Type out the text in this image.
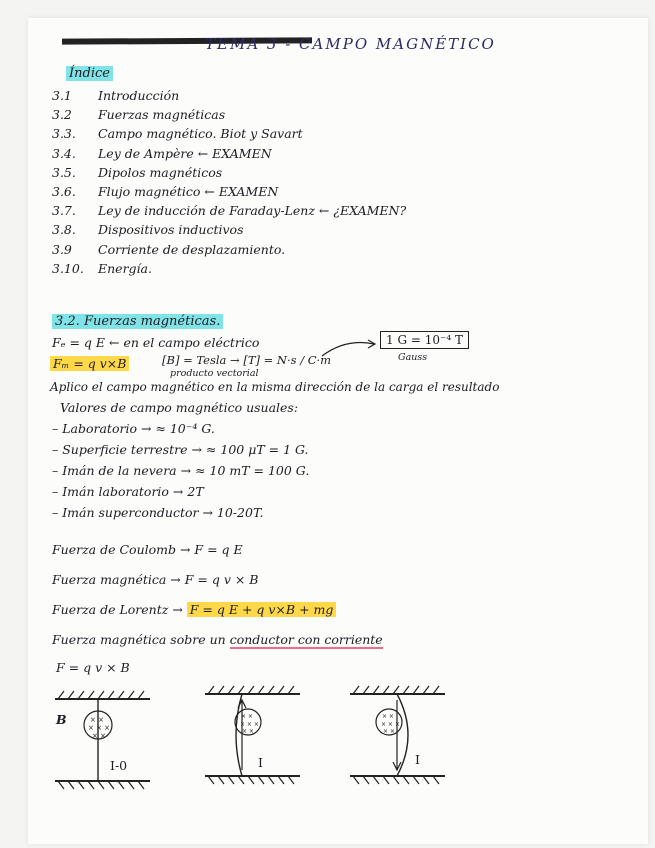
TEMA 3 - CAMPO MAGNÉTICO
Índice
3.1 Introducción
3.2 Fuerzas magnéticas
3.3. Campo magnético. Biot y Savart
3.4. Ley de Ampère ← EXAMEN
3.5. Dipolos magnéticos
3.6. Flujo magnético ← EXAMEN
3.7. Ley de inducción de Faraday-Lenz ← ¿EXAMEN?
3.8. Dispositivos inductivos
3.9 Corriente de desplazamiento.
3.10. Energía.
3.2. Fuerzas magnéticas.
Fₑ = q E ← en el campo eléctrico	1 G = 10⁻⁴ T
Gauss
Fₘ = q v×B	[B] = Tesla → [T] = N·s / C·m
producto vectorial
Aplico el campo magnético en la misma dirección de la carga el resultado
Valores de campo magnético usuales:
– Laboratorio → ≈ 10⁻⁴ G.
– Superficie terrestre → ≈ 100 μT = 1 G.
– Imán de la nevera → ≈ 10 mT = 100 G.
– Imán laboratorio → 2T
– Imán superconductor → 10-20T.
Fuerza de Coulomb → F = q E
Fuerza magnética → F = q v × B
Fuerza de Lorentz → F = q E + q v×B + mg
Fuerza magnética sobre un conductor con corriente
F = q v × B
× ×
× × ×
× ×
B
I-0
× ×
× × ×
× ×
I
× ×
× × ×
× ×
I
